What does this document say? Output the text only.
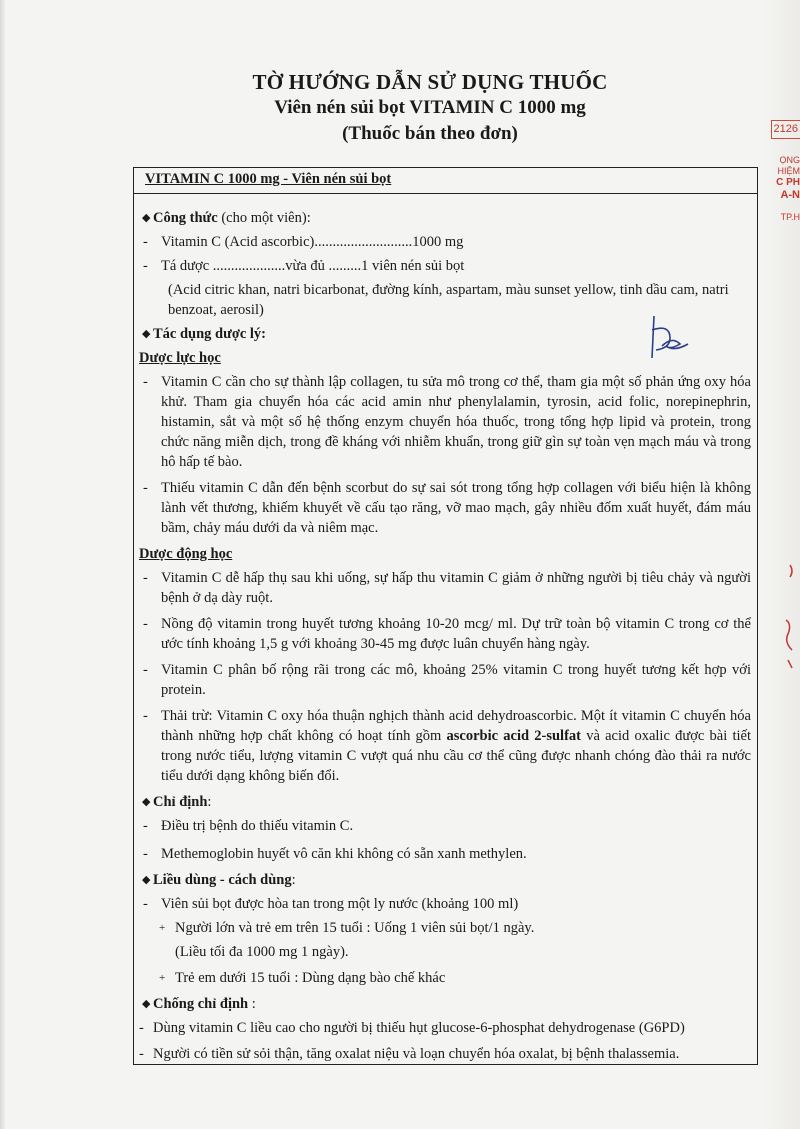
2126
ỌNG
HIỆM
C PH
A-N
TP.H
TỜ HƯỚNG DẪN SỬ DỤNG THUỐC
Viên nén sủi bọt VITAMIN C 1000 mg
(Thuốc bán theo đơn)
VITAMIN C 1000 mg - Viên nén sủi bọt

◆ Công thức (cho một viên):

- Vitamin C (Acid ascorbic)...........................1000 mg

- Tá dược ....................vừa đủ .........1 viên nén sủi bọt

(Acid citric khan, natri bicarbonat, đường kính, aspartam, màu sunset yellow, tinh dầu cam, natri benzoat, aerosil)

◆ Tác dụng dược lý:

Dược lực học

- Vitamin C cần cho sự thành lập collagen, tu sửa mô trong cơ thể, tham gia một số phản ứng oxy hóa khử. Tham gia chuyển hóa các acid amin như phenylalamin, tyrosin, acid folic, norepinephrin, histamin, sắt và một số hệ thống enzym chuyển hóa thuốc, trong tổng hợp lipid và protein, trong chức năng miễn dịch, trong đề kháng với nhiễm khuẩn, trong giữ gìn sự toàn vẹn mạch máu và trong hô hấp tế bào.

- Thiếu vitamin C dẫn đến bệnh scorbut do sự sai sót trong tổng hợp collagen với biểu hiện là không lành vết thương, khiếm khuyết về cấu tạo răng, vỡ mao mạch, gây nhiều đốm xuất huyết, đám máu bầm, chảy máu dưới da và niêm mạc.

Dược động học

- Vitamin C dễ hấp thụ sau khi uống, sự hấp thu vitamin C giảm ở những người bị tiêu chảy và người bệnh ở dạ dày ruột.

- Nồng độ vitamin trong huyết tương khoảng 10-20 mcg/ ml. Dự trữ toàn bộ vitamin C trong cơ thể ước tính khoảng 1,5 g với khoảng 30-45 mg được luân chuyển hàng ngày.

- Vitamin C phân bố rộng rãi trong các mô, khoảng 25% vitamin C trong huyết tương kết hợp với protein.

- Thải trừ: Vitamin C oxy hóa thuận nghịch thành acid dehydroascorbic. Một ít vitamin C chuyển hóa thành những hợp chất không có hoạt tính gồm ascorbic acid 2-sulfat và acid oxalic được bài tiết trong nước tiểu, lượng vitamin C vượt quá nhu cầu cơ thể cũng được nhanh chóng đào thải ra nước tiểu dưới dạng không biến đổi.

◆ Chỉ định:

- Điều trị bệnh do thiếu vitamin C.

- Methemoglobin huyết vô căn khi không có sẵn xanh methylen.

◆ Liều dùng - cách dùng:

- Viên sủi bọt được hòa tan trong một ly nước (khoảng 100 ml)

+ Người lớn và trẻ em trên 15 tuổi : Uống 1 viên sủi bọt/1 ngày.

(Liều tối đa 1000 mg 1 ngày).

+ Trẻ em dưới 15 tuổi : Dùng dạng bào chế khác

◆ Chống chỉ định :

- Dùng vitamin C liều cao cho người bị thiếu hụt glucose-6-phosphat dehydrogenase (G6PD)

- Người có tiền sử sỏi thận, tăng oxalat niệu và loạn chuyển hóa oxalat, bị bệnh thalassemia.
